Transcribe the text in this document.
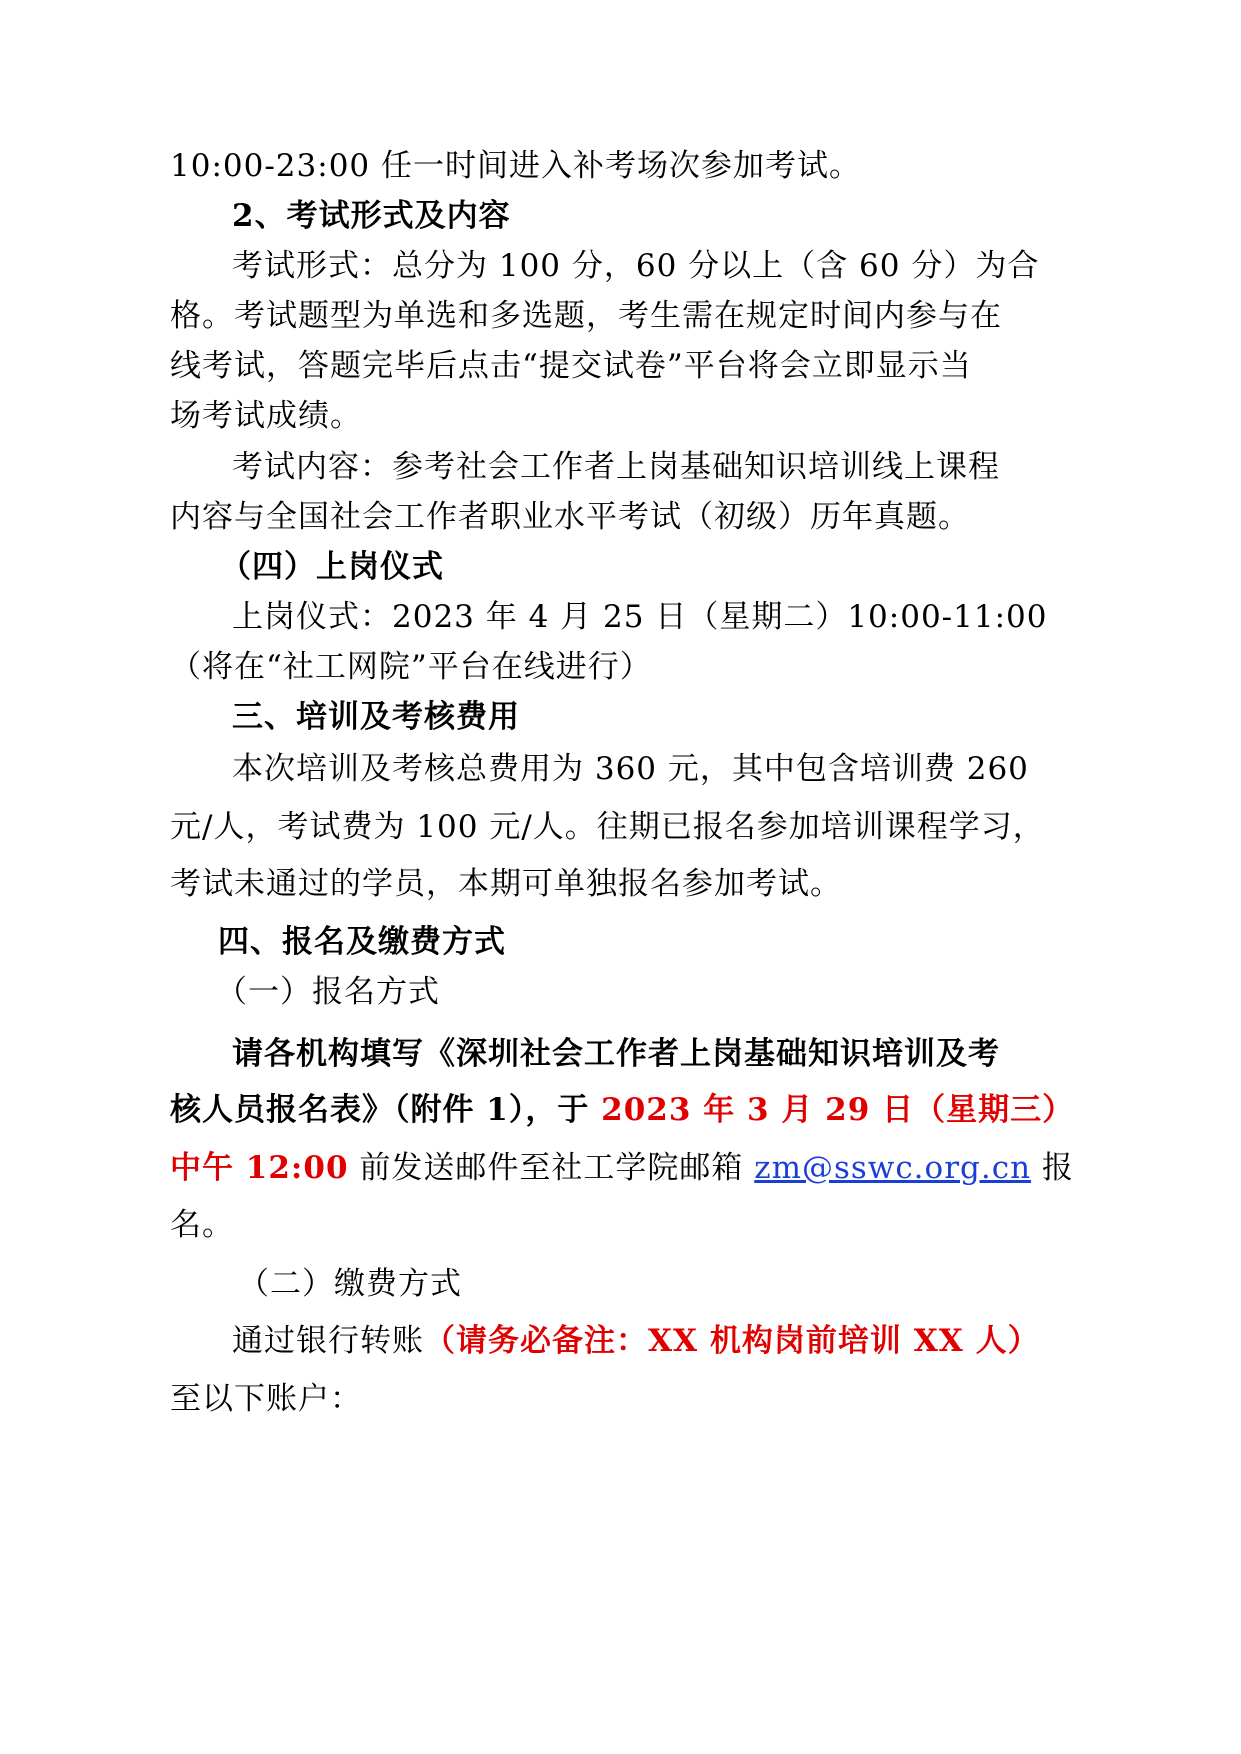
10:00-23:00 任一时间进入补考场次参加考试。
2、考试形式及内容
考试形式：总分为 100 分，60 分以上（含 60 分）为合
格。考试题型为单选和多选题，考生需在规定时间内参与在
线考试，答题完毕后点击“提交试卷”平台将会立即显示当
场考试成绩。
考试内容：参考社会工作者上岗基础知识培训线上课程
内容与全国社会工作者职业水平考试（初级）历年真题。
（四）上岗仪式
上岗仪式：2023 年 4 月 25 日（星期二）10:00-11:00
（将在“社工网院”平台在线进行）
三、培训及考核费用
本次培训及考核总费用为 360 元，其中包含培训费 260
元/人，考试费为 100 元/人。往期已报名参加培训课程学习，
考试未通过的学员，本期可单独报名参加考试。
四、报名及缴费方式
（一）报名方式
请各机构填写《深圳社会工作者上岗基础知识培训及考
核人员报名表》（附件 1），于 2023 年 3 月 29 日（星期三）
中午 12:00 前发送邮件至社工学院邮箱 zm@sswc.org.cn 报
名。
（二）缴费方式
通过银行转账（请务必备注：XX 机构岗前培训 XX 人）
至以下账户：
